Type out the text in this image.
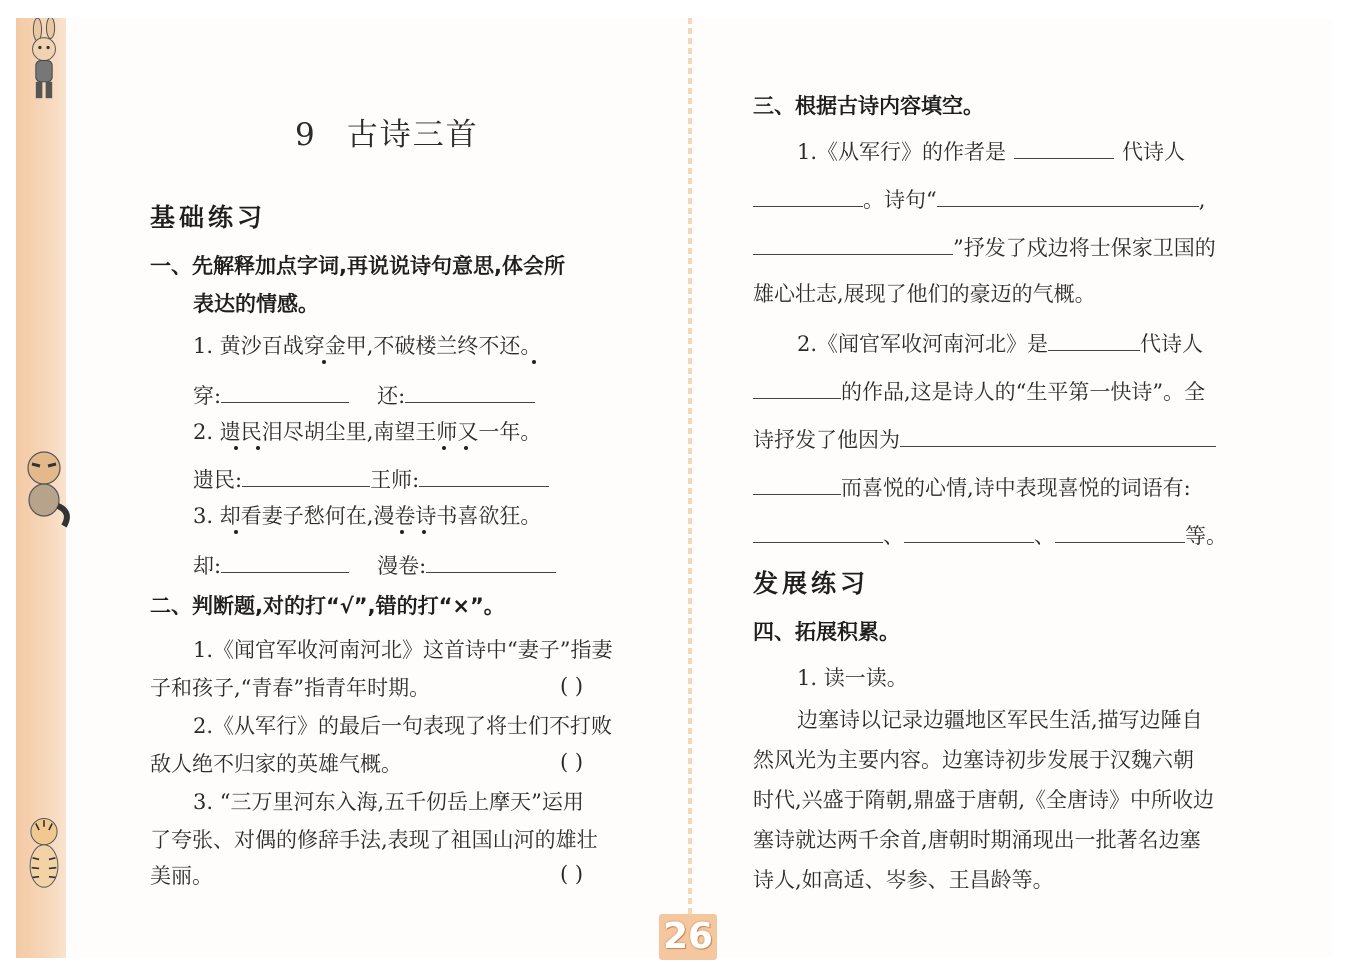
9 古诗三首
基础练习
一、先解释加点字词,再说说诗句意思,体会所
表达的情感。
1. 黄沙百战穿金甲,不破楼兰终不还。
穿:	还:
2. 遗民泪尽胡尘里,南望王师又一年。
遗民:	王师:
3. 却看妻子愁何在,漫卷诗书喜欲狂。
却:	漫卷:
二、判断题,对的打“√”,错的打“×”。
1.《闻官军收河南河北》这首诗中“妻子”指妻
子和孩子,“青春”指青年时期。	( )
2.《从军行》的最后一句表现了将士们不打败
敌人绝不归家的英雄气概。	( )
3. “三万里河东入海,五千仞岳上摩天”运用
了夸张、对偶的修辞手法,表现了祖国山河的雄壮
美丽。	( )
三、根据古诗内容填空。
1.《从军行》的作者是	代诗人
。诗句“	,
”抒发了戍边将士保家卫国的
雄心壮志,展现了他们的豪迈的气概。
2.《闻官军收河南河北》是	代诗人
的作品,这是诗人的“生平第一快诗”。全
诗抒发了他因为
而喜悦的心情,诗中表现喜悦的词语有:
、	、	等。
发展练习
四、拓展积累。
1. 读一读。
边塞诗以记录边疆地区军民生活,描写边陲自
然风光为主要内容。边塞诗初步发展于汉魏六朝
时代,兴盛于隋朝,鼎盛于唐朝,《全唐诗》中所收边
塞诗就达两千余首,唐朝时期涌现出一批著名边塞
诗人,如高适、岑参、王昌龄等。
26
